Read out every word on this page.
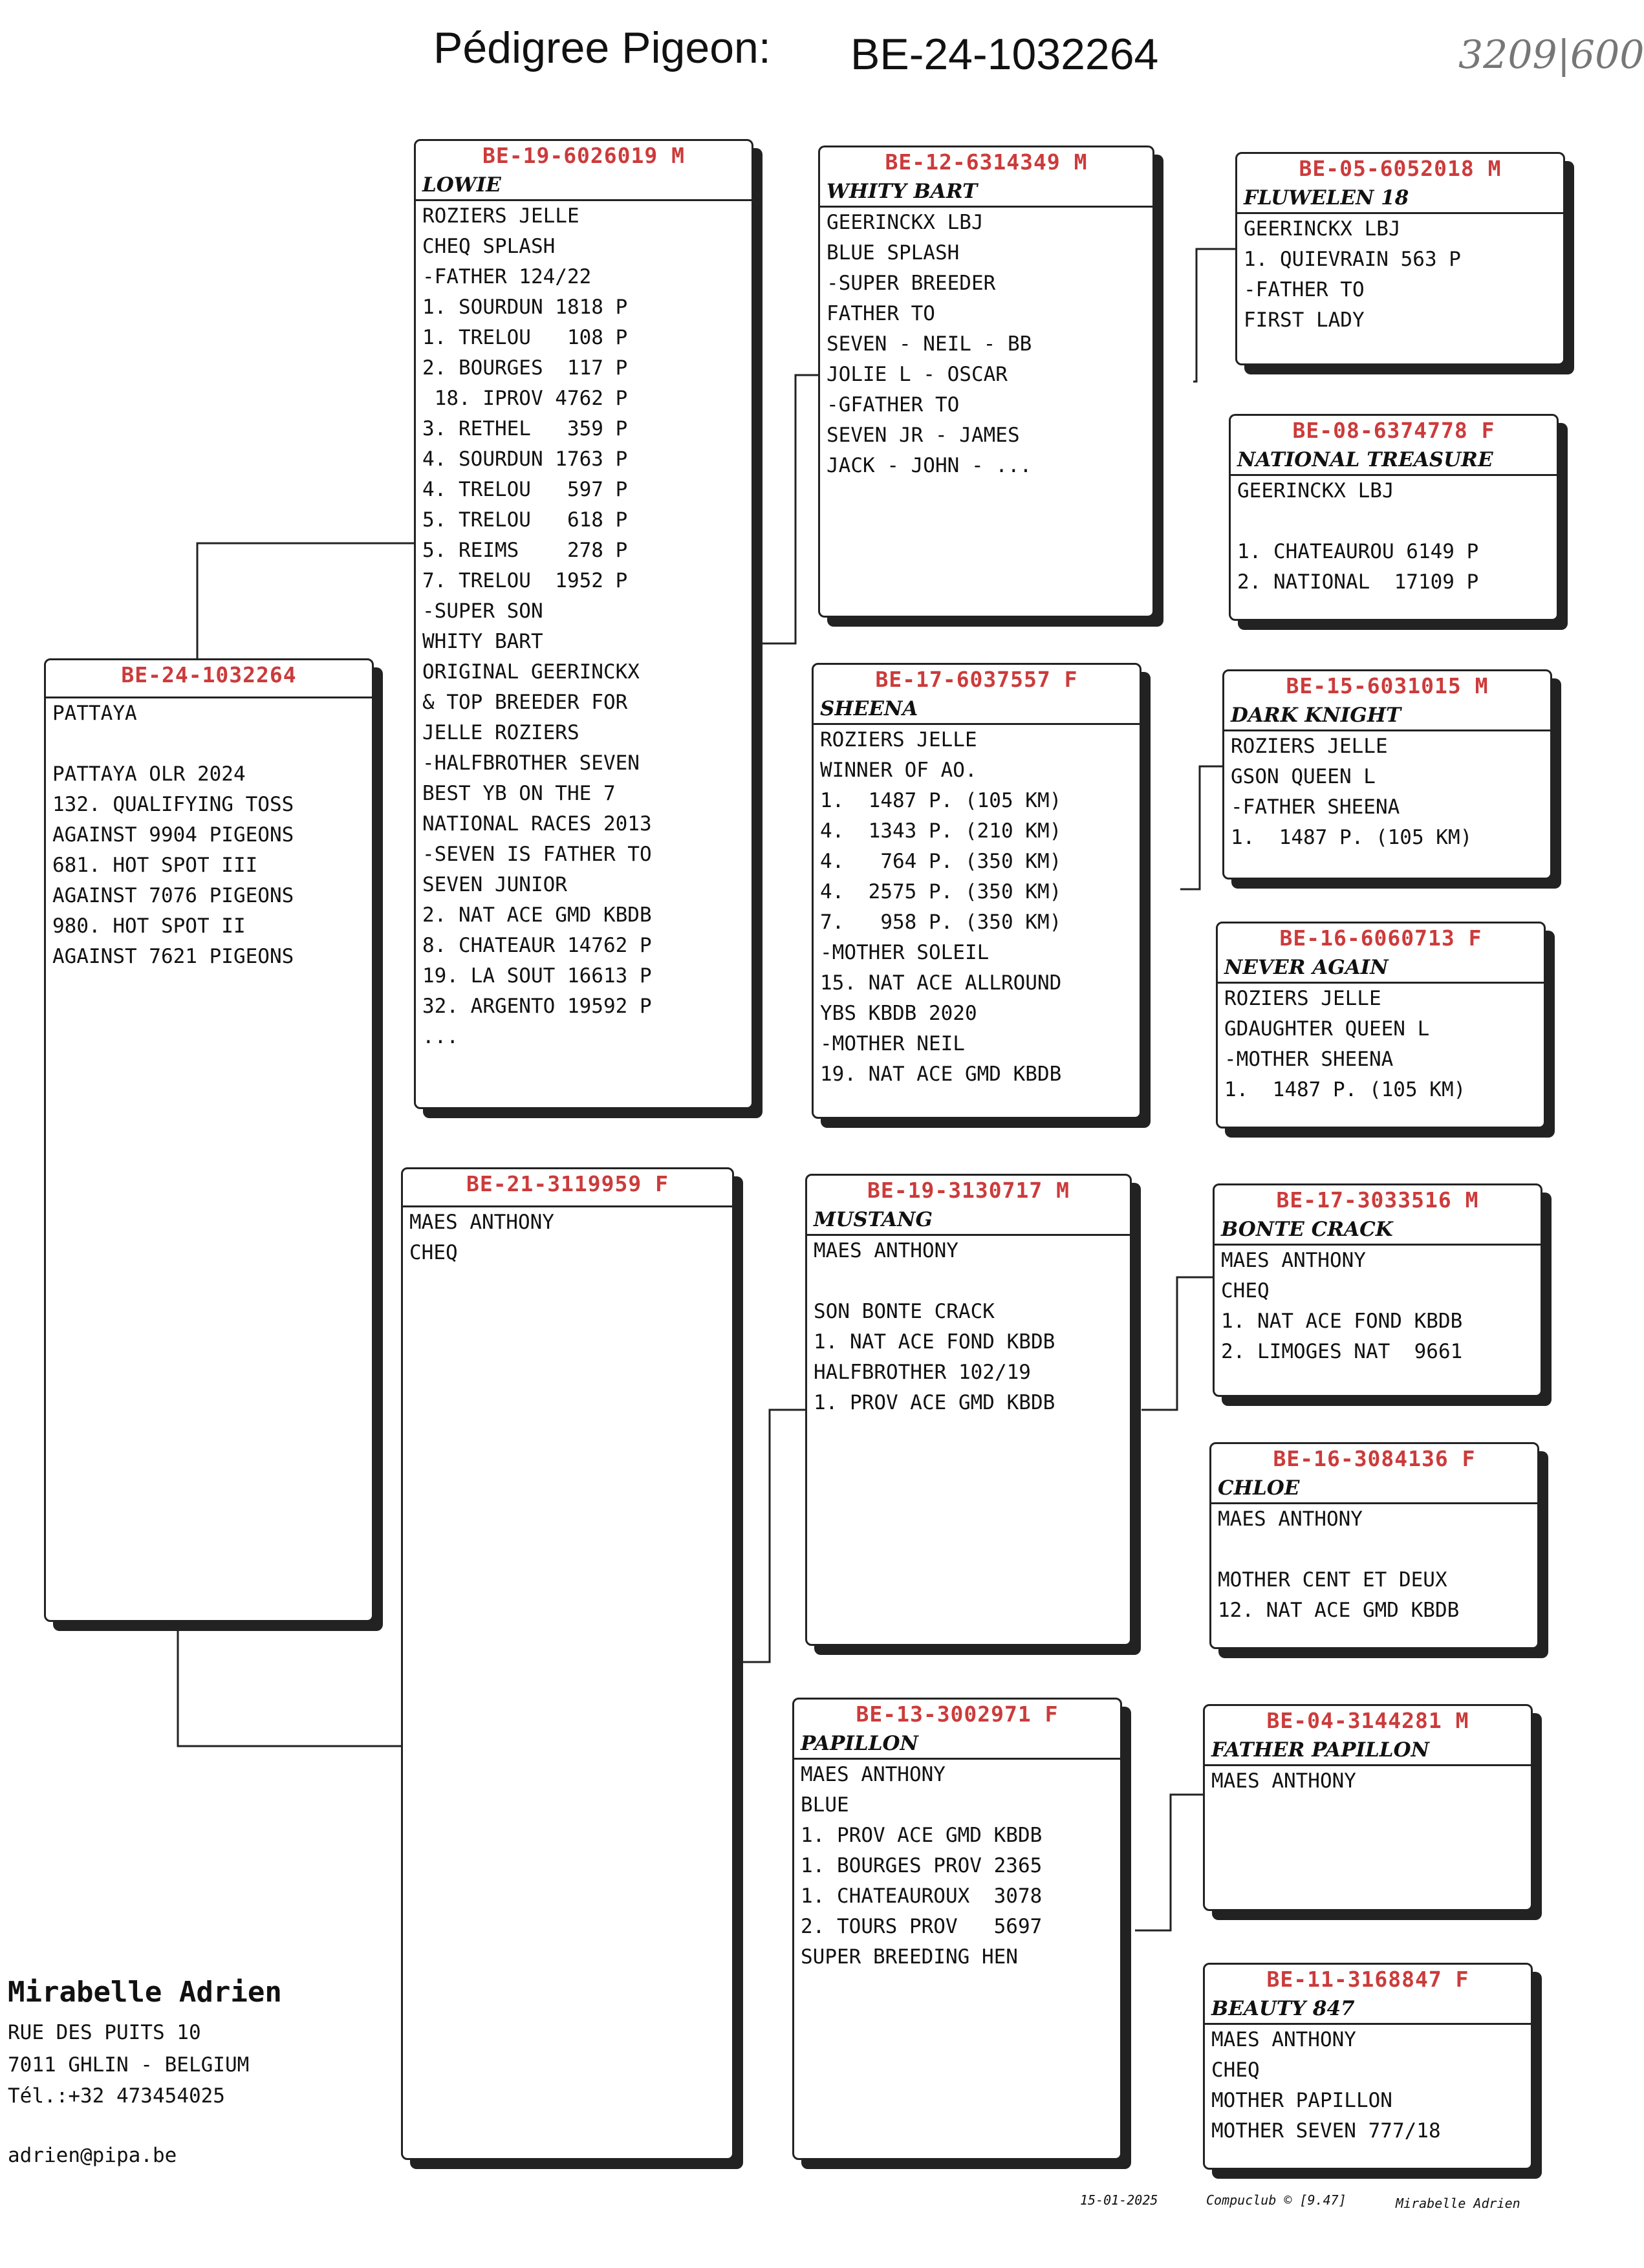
Pédigree Pigeon: BE-24-1032264	3209|600
BE-24-1032264
PATTAYA
PATTAYA OLR 2024
132. QUALIFYING TOSS
AGAINST 9904 PIGEONS
681. HOT SPOT III
AGAINST 7076 PIGEONS
980. HOT SPOT II
AGAINST 7621 PIGEONS
BE-19-6026019 M
LOWIE
ROZIERS JELLE
CHEQ SPLASH
-FATHER 124/22
1. SOURDUN 1818 P
1. TRELOU   108 P
2. BOURGES  117 P
18. IPROV 4762 P
3. RETHEL   359 P
4. SOURDUN 1763 P
4. TRELOU   597 P
5. TRELOU   618 P
5. REIMS    278 P
7. TRELOU  1952 P
-SUPER SON
WHITY BART
ORIGINAL GEERINCKX
& TOP BREEDER FOR
JELLE ROZIERS
-HALFBROTHER SEVEN
BEST YB ON THE 7
NATIONAL RACES 2013
-SEVEN IS FATHER TO
SEVEN JUNIOR
2. NAT ACE GMD KBDB
8. CHATEAUR 14762 P
19. LA SOUT 16613 P
32. ARGENTO 19592 P
...
BE-21-3119959 F
MAES ANTHONY
CHEQ
BE-12-6314349 M
WHITY BART
GEERINCKX LBJ
BLUE SPLASH
-SUPER BREEDER
FATHER TO
SEVEN - NEIL - BB
JOLIE L - OSCAR
-GFATHER TO
SEVEN JR - JAMES
JACK - JOHN - ...
BE-17-6037557 F
SHEENA
ROZIERS JELLE
WINNER OF AO.
1.  1487 P. (105 KM)
4.  1343 P. (210 KM)
4.   764 P. (350 KM)
4.  2575 P. (350 KM)
7.   958 P. (350 KM)
-MOTHER SOLEIL
15. NAT ACE ALLROUND
YBS KBDB 2020
-MOTHER NEIL
19. NAT ACE GMD KBDB
BE-19-3130717 M
MUSTANG
MAES ANTHONY
SON BONTE CRACK
1. NAT ACE FOND KBDB
HALFBROTHER 102/19
1. PROV ACE GMD KBDB
BE-13-3002971 F
PAPILLON
MAES ANTHONY
BLUE
1. PROV ACE GMD KBDB
1. BOURGES PROV 2365
1. CHATEAUROUX  3078
2. TOURS PROV   5697
SUPER BREEDING HEN
BE-05-6052018 M
FLUWELEN 18
GEERINCKX LBJ
1. QUIEVRAIN 563 P
-FATHER TO
FIRST LADY
BE-08-6374778 F
NATIONAL TREASURE
GEERINCKX LBJ
1. CHATEAUROU 6149 P
2. NATIONAL  17109 P
BE-15-6031015 M
DARK KNIGHT
ROZIERS JELLE
GSON QUEEN L
-FATHER SHEENA
1.  1487 P. (105 KM)
BE-16-6060713 F
NEVER AGAIN
ROZIERS JELLE
GDAUGHTER QUEEN L
-MOTHER SHEENA
1.  1487 P. (105 KM)
BE-17-3033516 M
BONTE CRACK
MAES ANTHONY
CHEQ
1. NAT ACE FOND KBDB
2. LIMOGES NAT  9661
BE-16-3084136 F
CHLOE
MAES ANTHONY
MOTHER CENT ET DEUX
12. NAT ACE GMD KBDB
BE-04-3144281 M
FATHER PAPILLON
MAES ANTHONY
BE-11-3168847 F
BEAUTY 847
MAES ANTHONY
CHEQ
MOTHER PAPILLON
MOTHER SEVEN 777/18
Mirabelle Adrien
RUE DES PUITS 10
7011 GHLIN - BELGIUM
Tél.:+32 473454025
adrien@pipa.be
15-01-2025	Compuclub © [9.47]	Mirabelle Adrien
